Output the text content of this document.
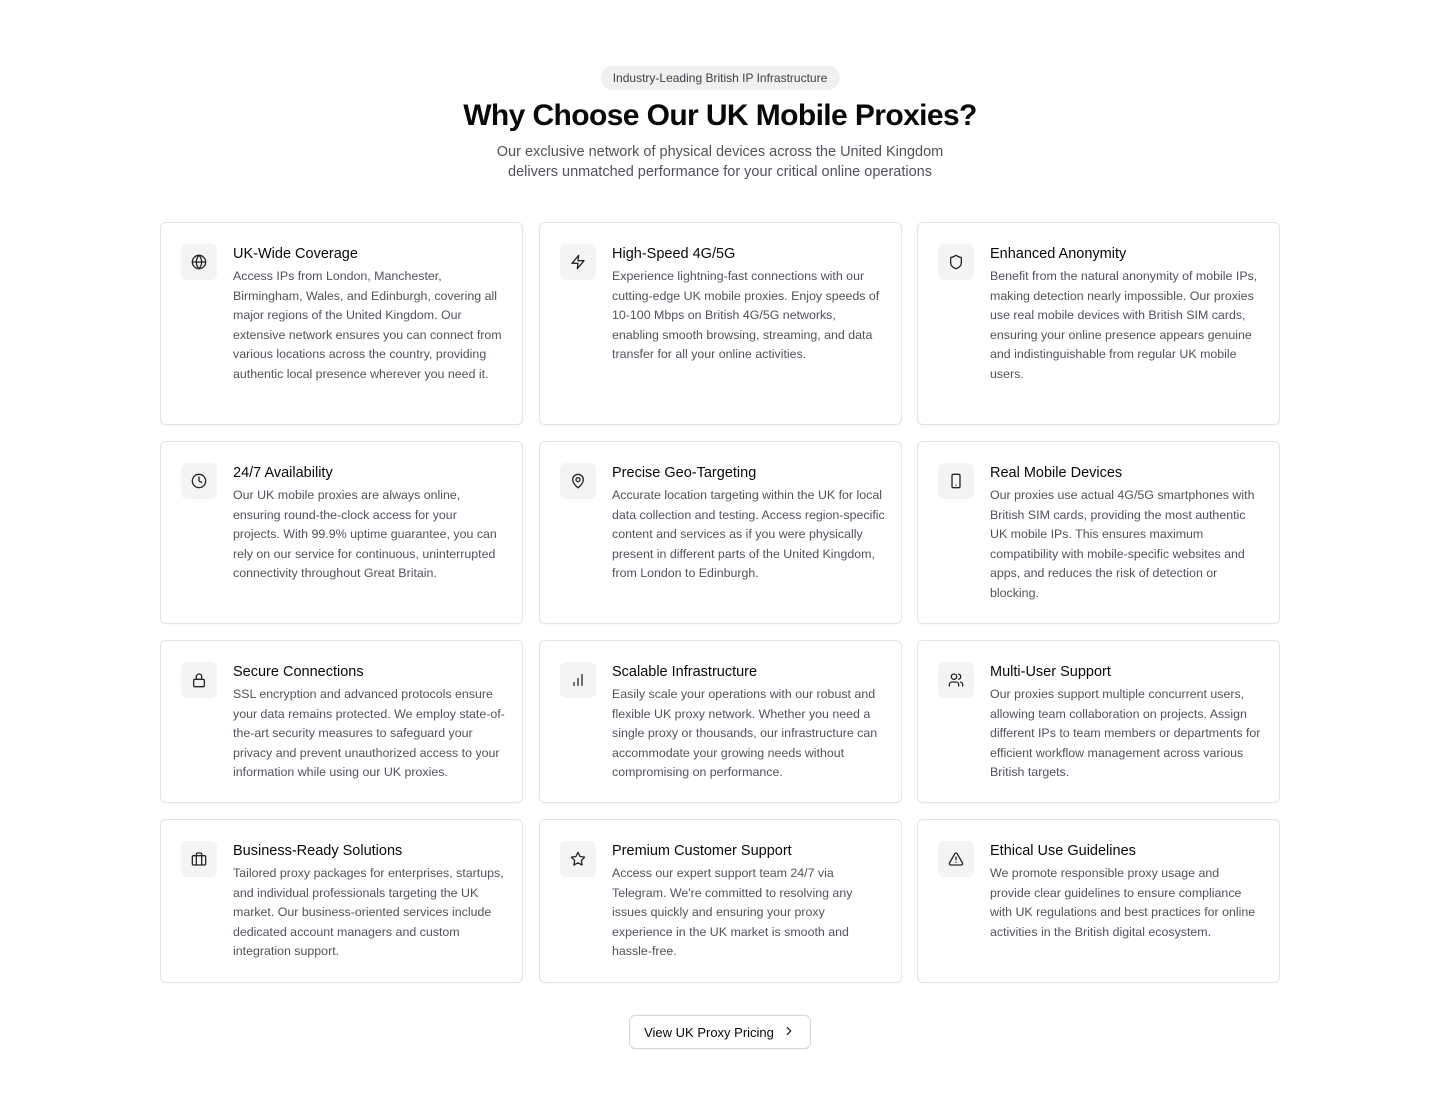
Industry-Leading British IP Infrastructure
Why Choose Our UK Mobile Proxies?

Our exclusive network of physical devices across the United Kingdom delivers unmatched performance for your critical online operations

UK-Wide Coverage

Access IPs from London, Manchester, Birmingham, Wales, and Edinburgh, covering all major regions of the United Kingdom. Our extensive network ensures you can connect from various locations across the country, providing authentic local presence wherever you need it.

High-Speed 4G/5G

Experience lightning-fast connections with our cutting-edge UK mobile proxies. Enjoy speeds of 10-100 Mbps on British 4G/5G networks, enabling smooth browsing, streaming, and data transfer for all your online activities.

Enhanced Anonymity

Benefit from the natural anonymity of mobile IPs, making detection nearly impossible. Our proxies use real mobile devices with British SIM cards, ensuring your online presence appears genuine and indistinguishable from regular UK mobile users.

24/7 Availability

Our UK mobile proxies are always online, ensuring round-the-clock access for your projects. With 99.9% uptime guarantee, you can rely on our service for continuous, uninterrupted connectivity throughout Great Britain.

Precise Geo-Targeting

Accurate location targeting within the UK for local data collection and testing. Access region-specific content and services as if you were physically present in different parts of the United Kingdom, from London to Edinburgh.

Real Mobile Devices

Our proxies use actual 4G/5G smartphones with British SIM cards, providing the most authentic UK mobile IPs. This ensures maximum compatibility with mobile-specific websites and apps, and reduces the risk of detection or blocking.

Secure Connections

SSL encryption and advanced protocols ensure your data remains protected. We employ state-of-the-art security measures to safeguard your privacy and prevent unauthorized access to your information while using our UK proxies.

Scalable Infrastructure

Easily scale your operations with our robust and flexible UK proxy network. Whether you need a single proxy or thousands, our infrastructure can accommodate your growing needs without compromising on performance.

Multi-User Support

Our proxies support multiple concurrent users, allowing team collaboration on projects. Assign different IPs to team members or departments for efficient workflow management across various British targets.

Business-Ready Solutions

Tailored proxy packages for enterprises, startups, and individual professionals targeting the UK market. Our business-oriented services include dedicated account managers and custom integration support.

Premium Customer Support

Access our expert support team 24/7 via Telegram. We're committed to resolving any issues quickly and ensuring your proxy experience in the UK market is smooth and hassle-free.

Ethical Use Guidelines

We promote responsible proxy usage and provide clear guidelines to ensure compliance with UK regulations and best practices for online activities in the British digital ecosystem.

View UK Proxy Pricing
